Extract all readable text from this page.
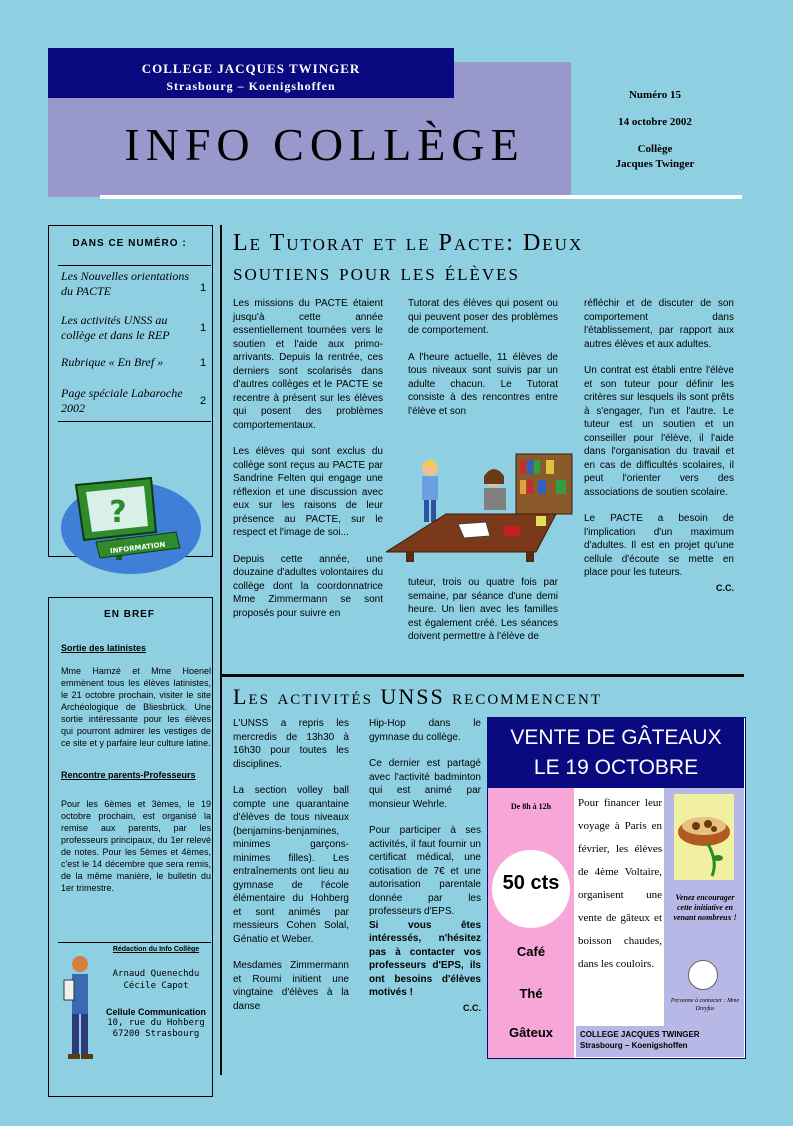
COLLEGE JACQUES TWINGER
Strasbourg – Koenigshoffen
INFO COLLÈGE
Numéro 15
14 octobre 2002
Collège
Jacques Twinger
DANS CE NUMÉRO :
Les Nouvelles orientations du PACTE	1
Les activités UNSS au collège et dans le REP	1
Rubrique « En Bref »	1
Page spéciale Labaroche 2002	2
?
INFORMATION
EN BREF
Sortie des latinistes
Mme Hamzé et Mme Hoenel emmènent tous les élèves latinistes, le 21 octobre prochain, visiter le site Archéologique de Bliesbrück. Une sortie intéressante pour les élèves qui pourront admirer les vestiges de ce site et y parfaire leur culture latine.
Rencontre parents-Professeurs
Pour les 6èmes et 3èmes, le 19 octobre prochain, est organisé la remise aux parents, par les professeurs principaux, du 1er relevé de notes. Pour les 5èmes et 4èmes, c'est le 14 décembre que sera remis, de la même manière, le bulletin du 1er trimestre.
Rédaction du Info Collège
Arnaud Quenechdu
Cécile Capot
Cellule Communication
10, rue du Hohberg
67200 Strasbourg
Le Tutorat et le Pacte: Deux
soutiens pour les élèves

Les missions du PACTE étaient jusqu'à cette année essentiellement tournées vers le soutien et l'aide aux primo-arrivants. Depuis la rentrée, ces derniers sont scolarisés dans d'autres collèges et le PACTE se recentre à présent sur les élèves qui posent des problèmes comportementaux.

Les élèves qui sont exclus du collège sont reçus au PACTE par Sandrine Felten qui engage une réflexion et une discussion avec eux sur les raisons de leur présence au PACTE, sur le respect et l'image de soi...

Depuis cette année, une douzaine d'adultes volontaires du collège dont la coordonnatrice Mme Zimmermann se sont proposés pour suivre en

Tutorat des élèves qui posent ou qui peuvent poser des problèmes de comportement.

A l'heure actuelle, 11 élèves de tous niveaux sont suivis par un adulte chacun. Le Tutorat consiste à des rencontres entre l'élève et son

tuteur, trois ou quatre fois par semaine, par séance d'une demi heure. Un lien avec les familles est également créé. Les séances doivent permettre à l'élève de

réfléchir et de discuter de son comportement dans l'établissement, par rapport aux autres élèves et aux adultes.

Un contrat est établi entre l'élève et son tuteur pour définir les critères sur lesquels ils sont prêts à s'engager, l'un et l'autre. Le tuteur est un soutien et un conseiller pour l'élève, il l'aide dans l'organisation du travail et en cas de difficultés scolaires, il peut l'orienter vers des associations de soutien scolaire.

Le PACTE a besoin de l'implication d'un maximum d'adultes. Il est en projet qu'une cellule d'écoute se mette en place pour les tuteurs.

C.C.
Les activités UNSS recommencent

L'UNSS a repris les mercredis de 13h30 à 16h30 pour toutes les disciplines.

La section volley ball compte une quarantaine d'élèves de tous niveaux (benjamins-benjamines, minimes garçons- minimes filles). Les entraînements ont lieu au gymnase de l'école élémentaire du Hohberg et sont animés par messieurs Cohen Solal, Génatio et Weber.

Mesdames Zimmermann et Roumi initient une vingtaine d'élèves à la danse

Hip-Hop dans le gymnase du collège.

Ce dernier est partagé avec l'activité badminton qui est animé par monsieur Wehrle.

Pour participer à ses activités, il faut fournir un certificat médical, une cotisation de 7€ et une autorisation parentale donnée par les professeurs d'EPS.

Si vous êtes intéressés, n'hésitez pas à contacter vos professeurs d'EPS, ils ont besoins d'élèves motivés !

C.C.
VENTE DE GÂTEAUX
LE 19 OCTOBRE
De 8h à 12h
50 cts
Café
Thé
Gâteux
Pour financer leur voyage à Paris en février, les élèves de 4ème Voltaire, organisent une vente de gâteux et boisson chaudes, dans les couloirs.
Venez encourager cette initiative en venant nombreux !
Personne à contacter : Mme Dreyfus
COLLEGE JACQUES TWINGER
Strasbourg – Koenigshoffen
